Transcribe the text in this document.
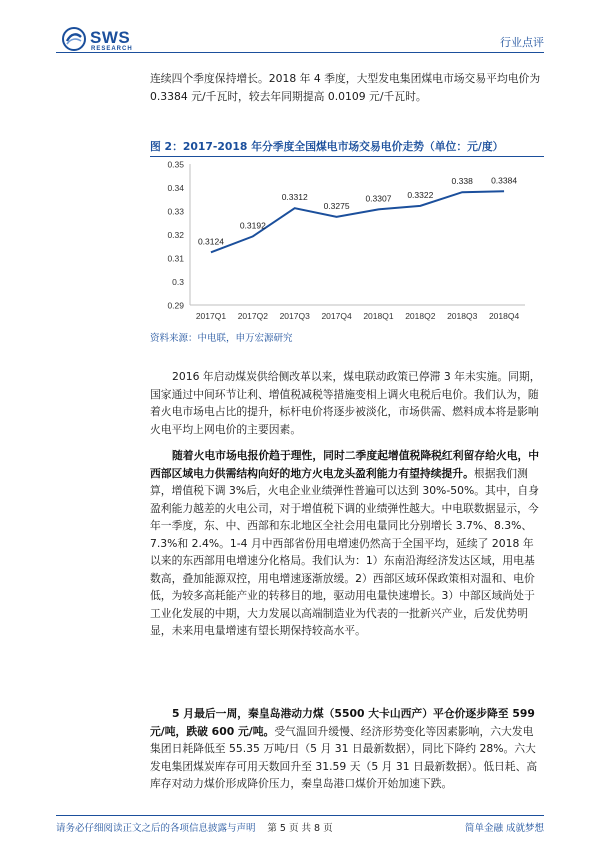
SWS
RESEARCH	行业点评
连续四个季度保持增长。2018 年 4 季度，大型发电集团煤电市场交易平均电价为 0.3384 元/千瓦时，较去年同期提高 0.0109 元/千瓦时。
图 2：2017-2018 年分季度全国煤电市场交易电价走势（单位：元/度）
0.29
0.3
0.31
0.32
0.33
0.34
0.35
2017Q1 2017Q2 2017Q3 2017Q4 2018Q1 2018Q2 2018Q3 2018Q4
0.3124
0.3192
0.3312
0.3275
0.3307 0.3322
0.338 0.3384
资料来源：中电联，申万宏源研究
2016 年启动煤炭供给侧改革以来，煤电联动政策已停滞 3 年未实施。同期，国家通过中间环节让利、增值税减税等措施变相上调火电税后电价。我们认为，随着火电市场电占比的提升，标杆电价将逐步被淡化，市场供需、燃料成本将是影响火电平均上网电价的主要因素。
随着火电市场电报价趋于理性，同时二季度起增值税降税红利留存给火电，中西部区域电力供需结构向好的地方火电龙头盈利能力有望持续提升。根据我们测算，增值税下调 3%后，火电企业业绩弹性普遍可以达到 30%-50%。其中，自身盈利能力越差的火电公司，对于增值税下调的业绩弹性越大。中电联数据显示，今年一季度，东、中、西部和东北地区全社会用电量同比分别增长 3.7%、8.3%、7.3%和 2.4%。1-4 月中西部省份用电增速仍然高于全国平均，延续了 2018 年以来的东西部用电增速分化格局。我们认为：1）东南沿海经济发达区域，用电基数高，叠加能源双控，用电增速逐渐放缓。2）西部区域环保政策相对温和、电价低，为较多高耗能产业的转移目的地，驱动用电量快速增长。3）中部区域尚处于工业化发展的中期，大力发展以高端制造业为代表的一批新兴产业，后发优势明显，未来用电量增速有望长期保持较高水平。
5 月最后一周，秦皇岛港动力煤（5500 大卡山西产）平仓价逐步降至 599 元/吨，跌破 600 元/吨。受气温回升缓慢、经济形势变化等因素影响，六大发电集团日耗降低至 55.35 万吨/日（5 月 31 日最新数据），同比下降约 28%。六大发电集团煤炭库存可用天数回升至 31.59 天（5 月 31 日最新数据）。低日耗、高库存对动力煤价形成降价压力，秦皇岛港口煤价开始加速下跌。
请务必仔细阅读正文之后的各项信息披露与声明	第 5 页 共 8 页	简单金融 成就梦想
